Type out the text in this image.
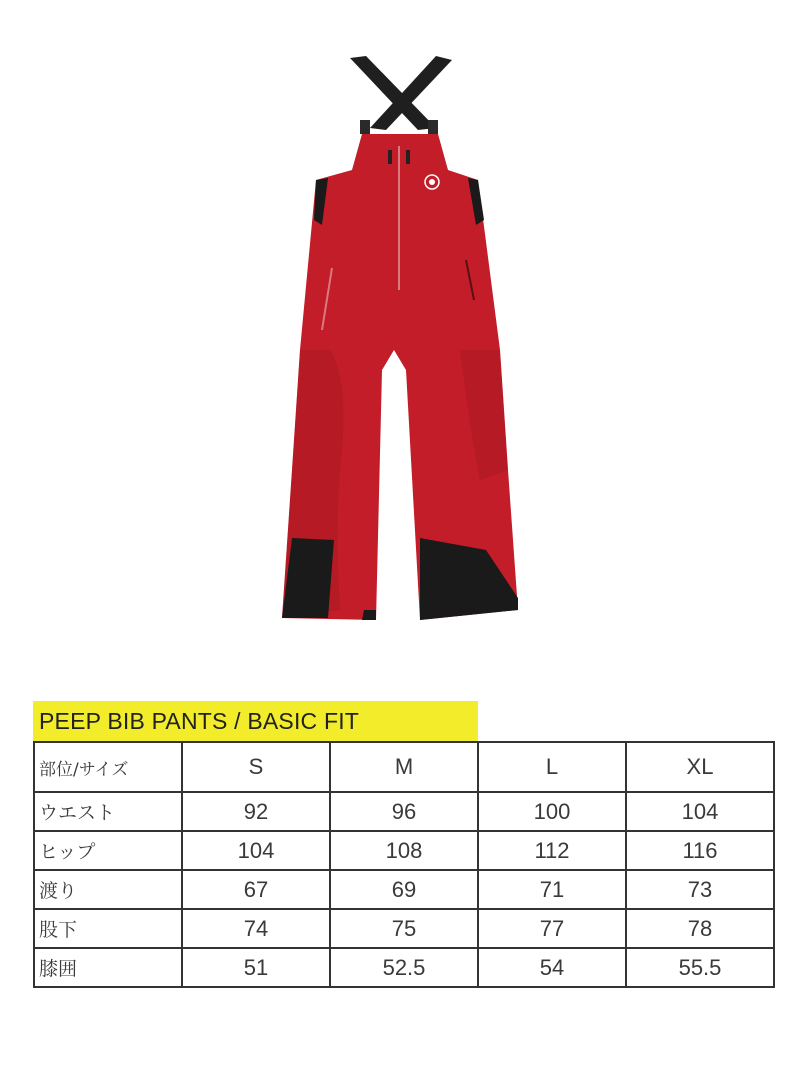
PEEP BIB PANTS / BASIC FIT
部位/サイズ	S	M	L	XL
ウエスト	92	96	100	104
ヒップ	104	108	112	116
渡り	67	69	71	73
股下	74	75	77	78
膝囲	51	52.5	54	55.5
